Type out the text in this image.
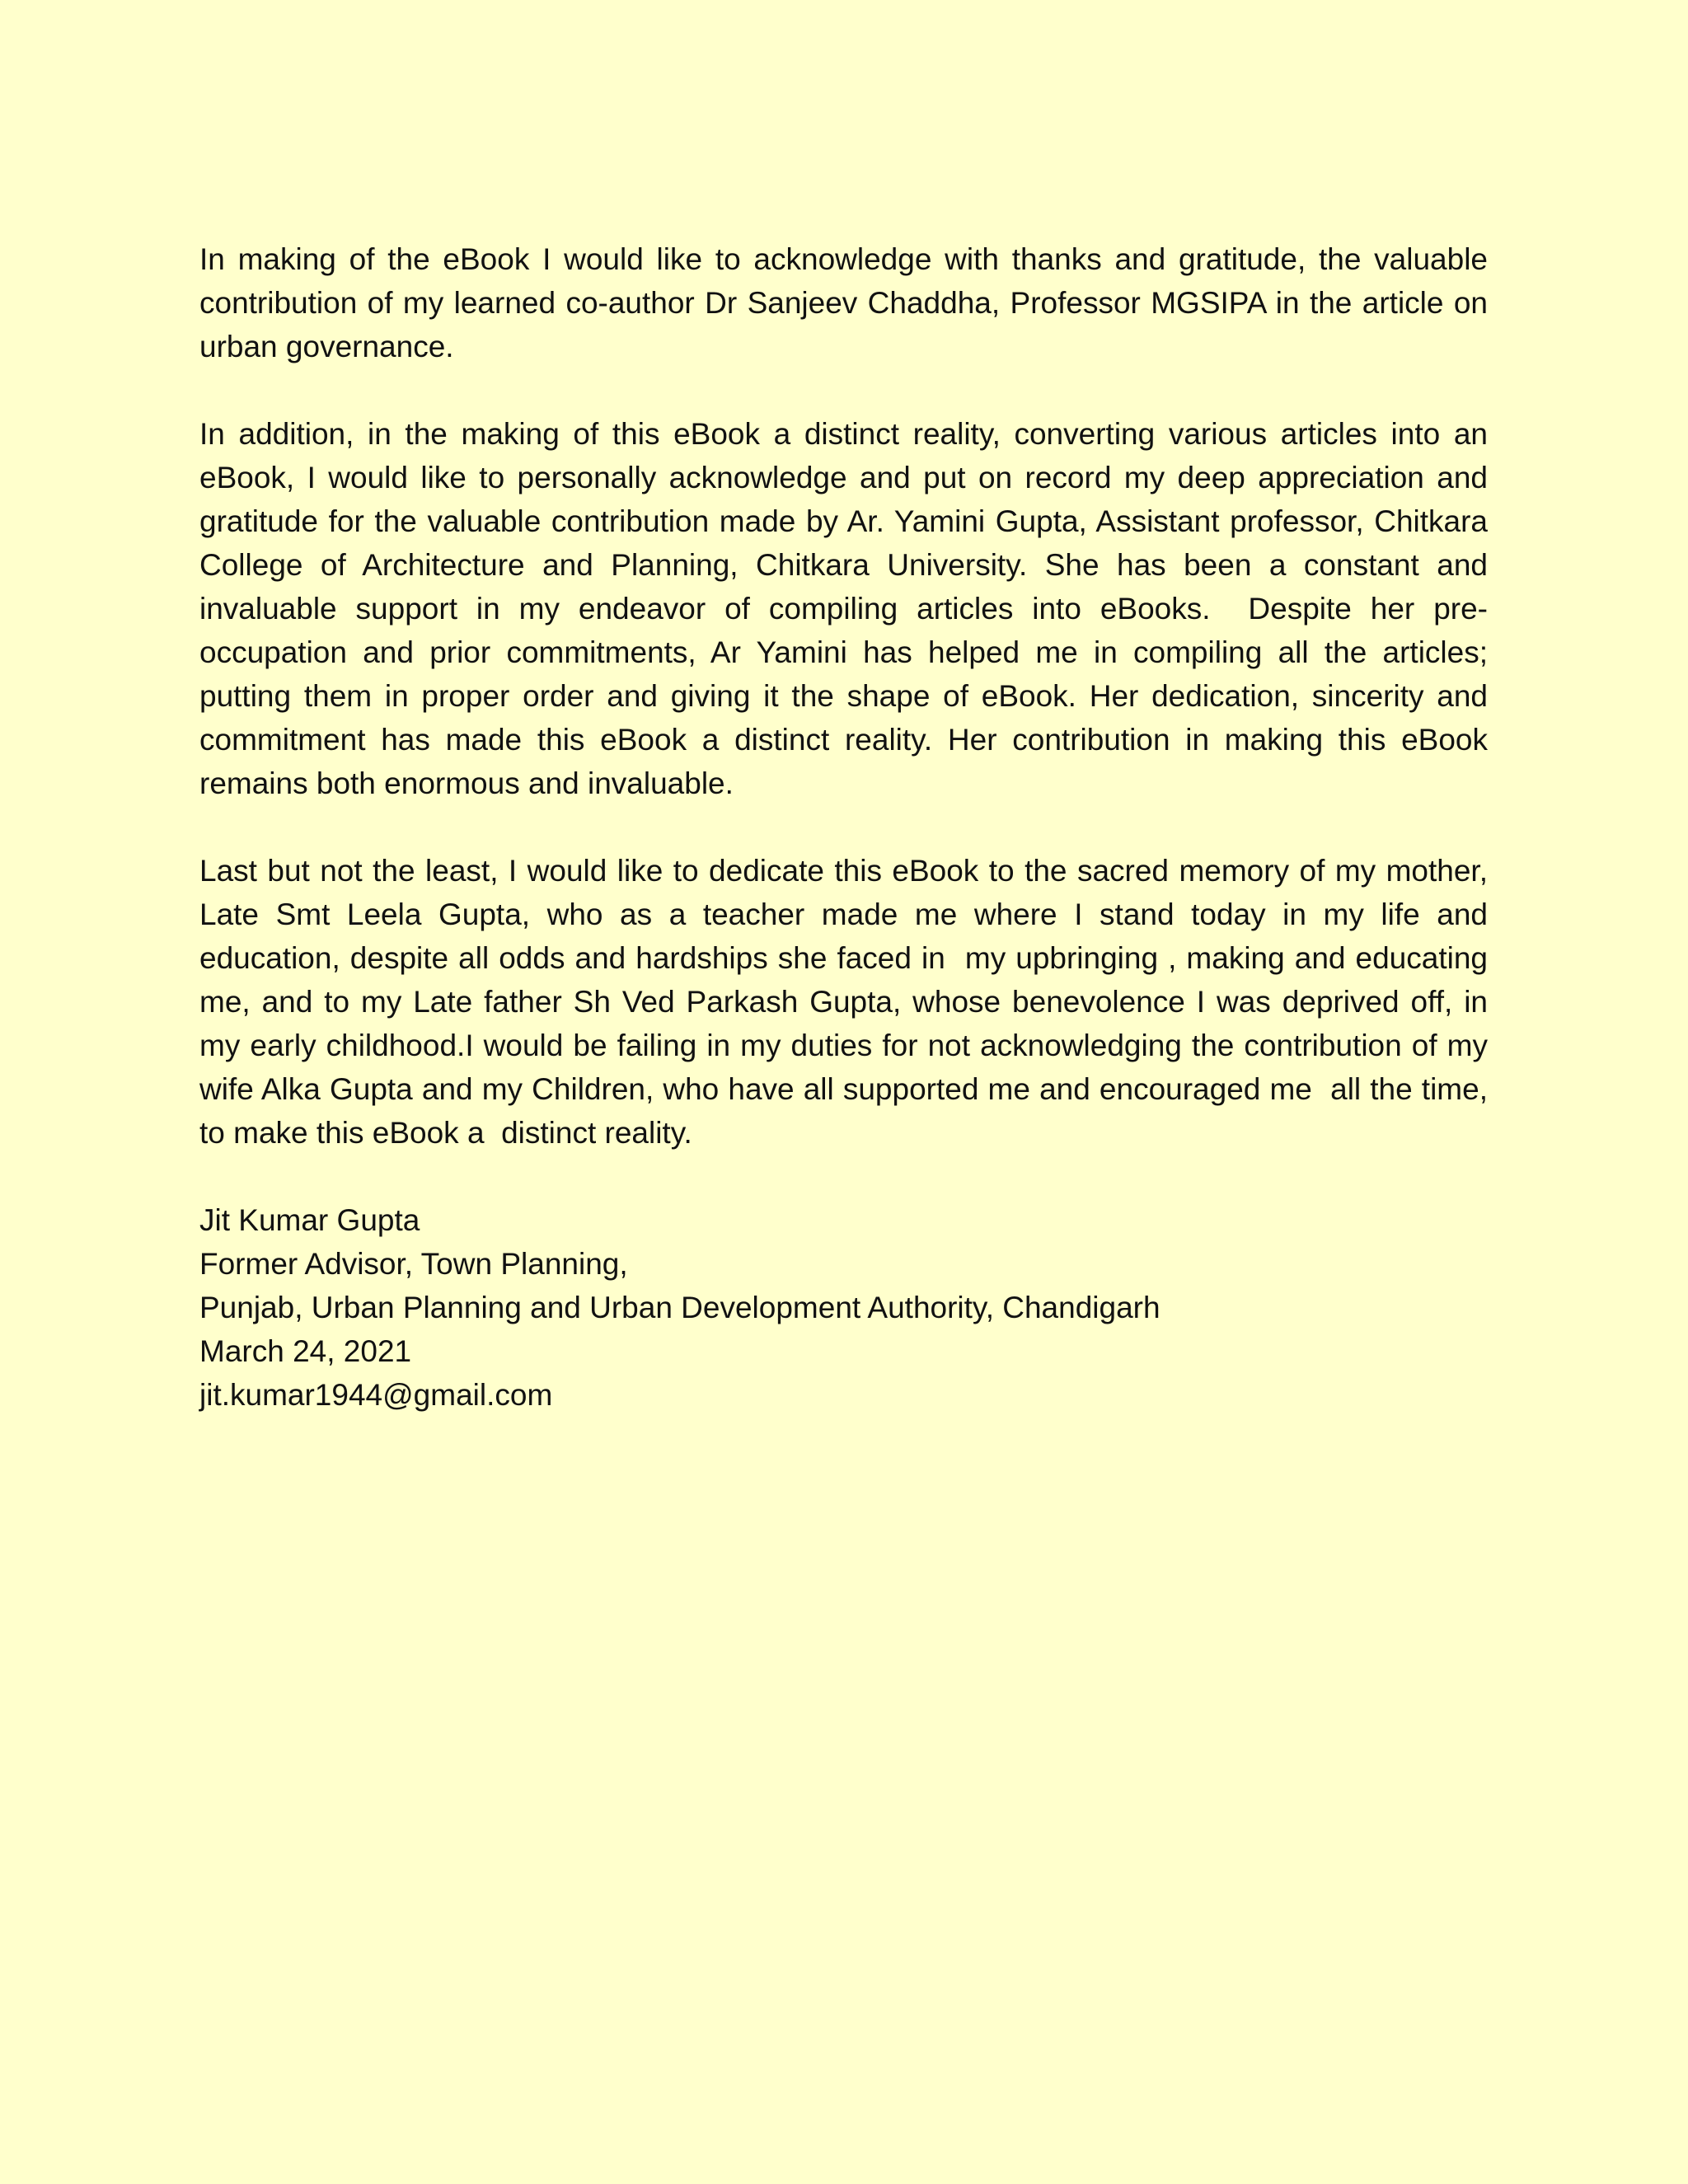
In making of the eBook I would like to acknowledge with thanks and gratitude, the valuable contribution of my learned co-author Dr Sanjeev Chaddha, Professor MGSIPA in the article on urban governance.

In addition, in the making of this eBook a distinct reality, converting various articles into an eBook, I would like to personally acknowledge and put on record my deep appreciation and gratitude for the valuable contribution made by Ar. Yamini Gupta, Assistant professor, Chitkara College of Architecture and Planning, Chitkara University. She has been a constant and invaluable support in my endeavor of compiling articles into eBooks.  Despite her pre-occupation and prior commitments, Ar Yamini has helped me in compiling all the articles; putting them in proper order and giving it the shape of eBook. Her dedication, sincerity and commitment has made this eBook a distinct reality. Her contribution in making this eBook remains both enormous and invaluable.

Last but not the least, I would like to dedicate this eBook to the sacred memory of my mother, Late Smt Leela Gupta, who as a teacher made me where I stand today in my life and education, despite all odds and hardships she faced in  my upbringing , making and educating me, and to my Late father Sh Ved Parkash Gupta, whose benevolence I was deprived off, in my early childhood.I would be failing in my duties for not acknowledging the contribution of my wife Alka Gupta and my Children, who have all supported me and encouraged me  all the time, to make this eBook a  distinct reality.

Jit Kumar Gupta
Former Advisor, Town Planning,
Punjab, Urban Planning and Urban Development Authority, Chandigarh
March 24, 2021
jit.kumar1944@gmail.com
